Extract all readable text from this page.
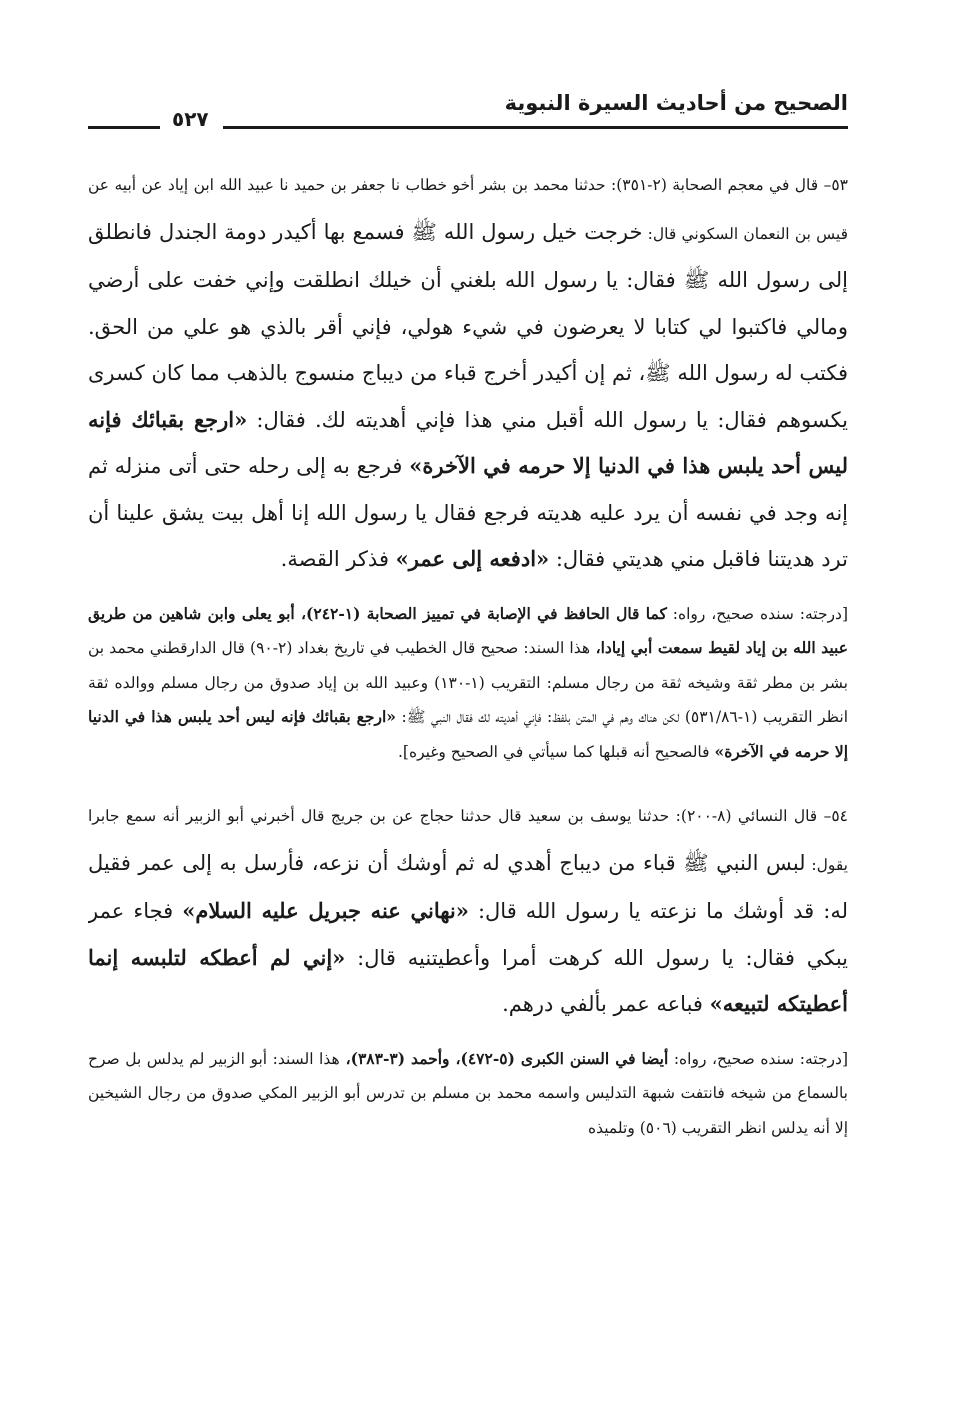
الصحيح من أحاديث السيرة النبوية
٥٢٧

٥٣– قال في معجم الصحابة (٢-٣٥١): حدثنا محمد بن بشر أخو خطاب نا جعفر بن حميد نا عبيد الله ابن إياد عن أبيه عن قيس بن النعمان السكوني قال: خرجت خيل رسول الله ﷺ فسمع بها أكيدر دومة الجندل فانطلق إلى رسول الله ﷺ فقال: يا رسول الله بلغني أن خيلك انطلقت وإني خفت على أرضي ومالي فاكتبوا لي كتابا لا يعرضون في شيء هولي، فإني أقر بالذي هو علي من الحق. فكتب له رسول الله ﷺ، ثم إن أكيدر أخرج قباء من ديباج منسوج بالذهب مما كان كسرى يكسوهم فقال: يا رسول الله أقبل مني هذا فإني أهديته لك. فقال: «ارجع بقبائك فإنه ليس أحد يلبس هذا في الدنيا إلا حرمه في الآخرة» فرجع به إلى رحله حتى أتى منزله ثم إنه وجد في نفسه أن يرد عليه هديته فرجع فقال يا رسول الله إنا أهل بيت يشق علينا أن ترد هديتنا فاقبل مني هديتي فقال: «ادفعه إلى عمر» فذكر القصة.

[درجته: سنده صحيح، رواه: كما قال الحافظ في الإصابة في تمييز الصحابة (١-٢٤٢)، أبو يعلى وابن شاهين من طريق عبيد الله بن إياد لقيط سمعت أبي إيادا، هذا السند: صحيح قال الخطيب في تاريخ بغداد (٢-٩٠) قال الدارقطني محمد بن بشر بن مطر ثقة وشيخه ثقة من رجال مسلم: التقريب (١-١٣٠) وعبيد الله بن إياد صدوق من رجال مسلم ووالده ثقة انظر التقريب (١-٥٣١/٨٦) لكن هناك وهم في المتن بلفظ: فإني أهديته لك فقال النبي ﷺ: «ارجع بقبائك فإنه ليس أحد يلبس هذا في الدنيا إلا حرمه في الآخرة» فالصحيح أنه قبلها كما سيأتي في الصحيح وغيره].

٥٤– قال النسائي (٨-٢٠٠): حدثنا يوسف بن سعيد قال حدثنا حجاج عن بن جريج قال أخبرني أبو الزبير أنه سمع جابرا يقول: لبس النبي ﷺ قباء من ديباج أهدي له ثم أوشك أن نزعه، فأرسل به إلى عمر فقيل له: قد أوشك ما نزعته يا رسول الله قال: «نهاني عنه جبريل عليه السلام» فجاء عمر يبكي فقال: يا رسول الله كرهت أمرا وأعطيتنيه قال: «إني لم أعطكه لتلبسه إنما أعطيتكه لتبيعه» فباعه عمر بألفي درهم.

[درجته: سنده صحيح، رواه: أيضا في السنن الكبرى (٥-٤٧٢)، وأحمد (٣-٣٨٣)، هذا السند: أبو الزبير لم يدلس بل صرح بالسماع من شيخه فانتفت شبهة التدليس واسمه محمد بن مسلم بن تدرس أبو الزبير المكي صدوق من رجال الشيخين إلا أنه يدلس انظر التقريب (٥٠٦) وتلميذه
